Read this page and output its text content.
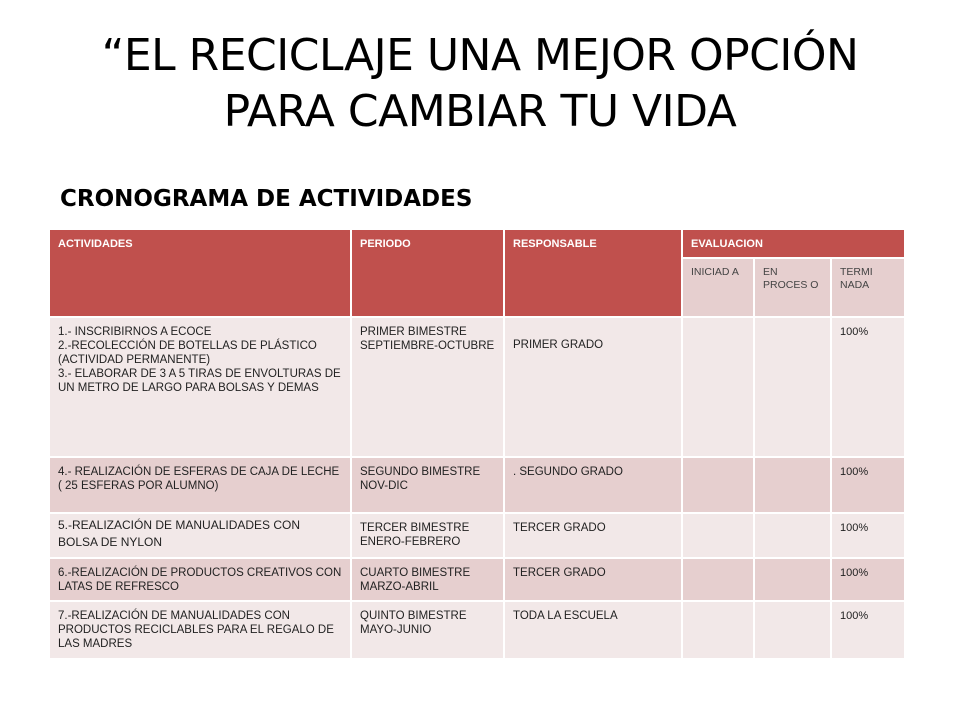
“EL RECICLAJE UNA MEJOR OPCIÓN PARA CAMBIAR TU VIDA
CRONOGRAMA DE ACTIVIDADES
ACTIVIDADES	PERIODO	RESPONSABLE	EVALUACION		
			INICIAD A	EN PROCES O	TERMI NADA
1.- INSCRIBIRNOS A ECOCE
2.-RECOLECCIÓN DE BOTELLAS DE PLÁSTICO
(ACTIVIDAD PERMANENTE)
3.- ELABORAR DE 3 A 5 TIRAS DE ENVOLTURAS DE UN METRO DE LARGO PARA BOLSAS Y DEMAS	PRIMER BIMESTRE SEPTIEMBRE-OCTUBRE	PRIMER GRADO			100%
4.- REALIZACIÓN DE ESFERAS DE CAJA DE LECHE
( 25 ESFERAS POR ALUMNO)	SEGUNDO BIMESTRE NOV-DIC	. SEGUNDO GRADO			100%
5.-REALIZACIÓN DE MANUALIDADES CON BOLSA DE NYLON	TERCER BIMESTRE ENERO-FEBRERO	TERCER GRADO			100%
6.-REALIZACIÓN DE PRODUCTOS CREATIVOS CON LATAS DE REFRESCO	CUARTO BIMESTRE MARZO-ABRIL	TERCER GRADO			100%
7.-REALIZACIÓN DE MANUALIDADES CON PRODUCTOS RECICLABLES PARA EL REGALO DE LAS MADRES	QUINTO BIMESTRE MAYO-JUNIO	TODA LA ESCUELA			100%
